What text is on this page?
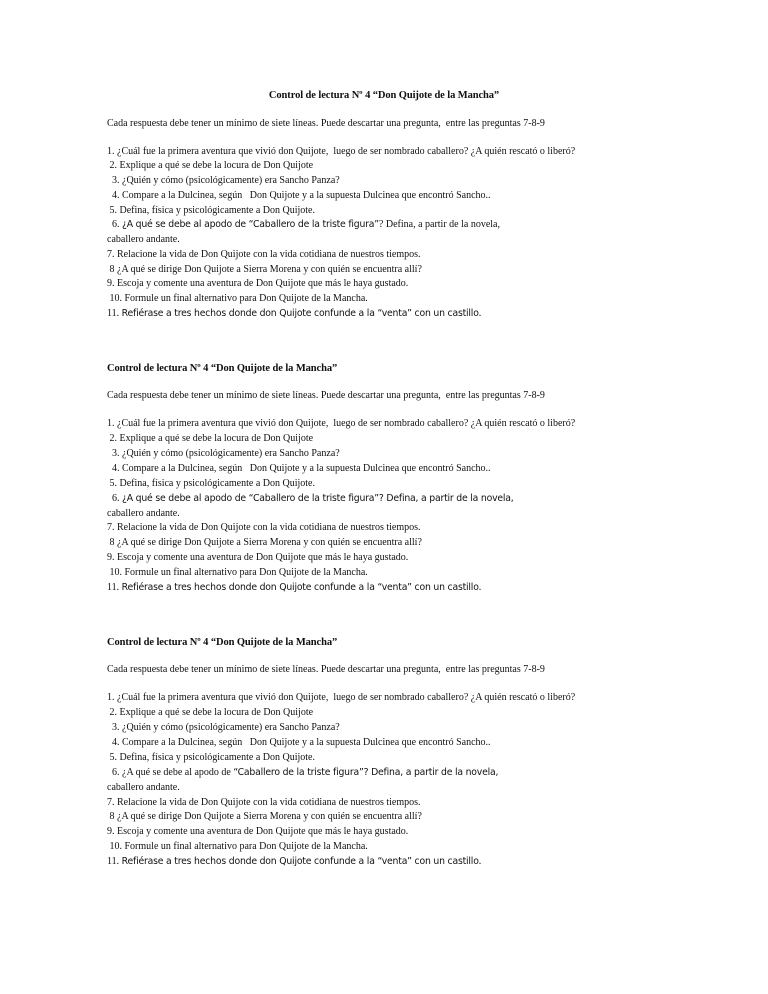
Control de lectura Nº 4 “Don Quijote de la Mancha”
Cada respuesta debe tener un mínimo de siete líneas. Puede descartar una pregunta,  entre las preguntas 7-8-9
1. ¿Cuál fue la primera aventura que vivió don Quijote,  luego de ser nombrado caballero? ¿A quién rescató o liberó?
2. Explique a qué se debe la locura de Don Quijote
3. ¿Quién y cómo (psicológicamente) era Sancho Panza?
4. Compare a la Dulcinea, según   Don Quijote y a la supuesta Dulcinea que encontró Sancho..
5. Defina, física y psicológicamente a Don Quijote.
6. ¿A qué se debe al apodo de “Caballero de la triste figura”? Defina, a partir de la novela,
caballero andante.
7. Relacione la vida de Don Quijote con la vida cotidiana de nuestros tiempos.
8 ¿A qué se dirige Don Quijote a Sierra Morena y con quién se encuentra allí?
9. Escoja y comente una aventura de Don Quijote que más le haya gustado.
10. Formule un final alternativo para Don Quijote de la Mancha.
11. Refiérase a tres hechos donde don Quijote confunde a la “venta” con un castillo.
Control de lectura Nº 4 “Don Quijote de la Mancha”
Cada respuesta debe tener un mínimo de siete líneas. Puede descartar una pregunta,  entre las preguntas 7-8-9
1. ¿Cuál fue la primera aventura que vivió don Quijote,  luego de ser nombrado caballero? ¿A quién rescató o liberó?
2. Explique a qué se debe la locura de Don Quijote
3. ¿Quién y cómo (psicológicamente) era Sancho Panza?
4. Compare a la Dulcinea, según   Don Quijote y a la supuesta Dulcinea que encontró Sancho..
5. Defina, física y psicológicamente a Don Quijote.
6. ¿A qué se debe al apodo de “Caballero de la triste figura”? Defina, a partir de la novela,
caballero andante.
7. Relacione la vida de Don Quijote con la vida cotidiana de nuestros tiempos.
8 ¿A qué se dirige Don Quijote a Sierra Morena y con quién se encuentra allí?
9. Escoja y comente una aventura de Don Quijote que más le haya gustado.
10. Formule un final alternativo para Don Quijote de la Mancha.
11. Refiérase a tres hechos donde don Quijote confunde a la “venta” con un castillo.
Control de lectura Nº 4 “Don Quijote de la Mancha”
Cada respuesta debe tener un mínimo de siete líneas. Puede descartar una pregunta,  entre las preguntas 7-8-9
1. ¿Cuál fue la primera aventura que vivió don Quijote,  luego de ser nombrado caballero? ¿A quién rescató o liberó?
2. Explique a qué se debe la locura de Don Quijote
3. ¿Quién y cómo (psicológicamente) era Sancho Panza?
4. Compare a la Dulcinea, según   Don Quijote y a la supuesta Dulcinea que encontró Sancho..
5. Defina, física y psicológicamente a Don Quijote.
6. ¿A qué se debe al apodo de “Caballero de la triste figura”? Defina, a partir de la novela,
caballero andante.
7. Relacione la vida de Don Quijote con la vida cotidiana de nuestros tiempos.
8 ¿A qué se dirige Don Quijote a Sierra Morena y con quién se encuentra allí?
9. Escoja y comente una aventura de Don Quijote que más le haya gustado.
10. Formule un final alternativo para Don Quijote de la Mancha.
11. Refiérase a tres hechos donde don Quijote confunde a la “venta” con un castillo.
